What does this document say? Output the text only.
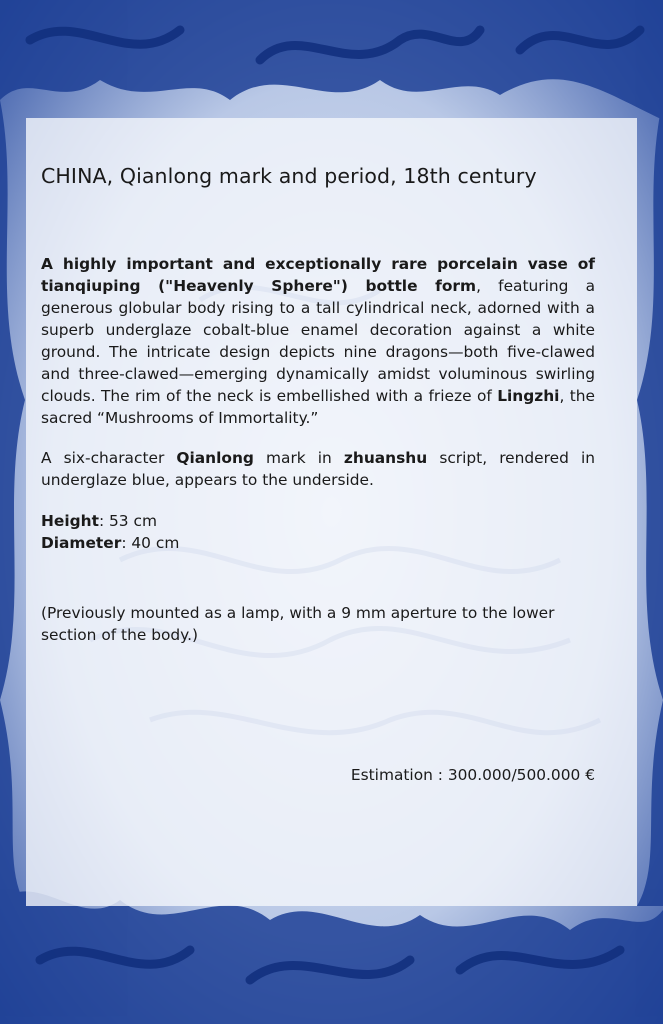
CHINA, Qianlong mark and period, 18th century

A highly important and exceptionally rare porcelain vase of tianqiuping ("Heavenly Sphere") bottle form, featuring a generous globular body rising to a tall cylindrical neck, adorned with a superb underglaze cobalt-blue enamel decoration against a white ground. The intricate design depicts nine dragons—both five-clawed and three-clawed—emerging dynamically amidst voluminous swirling clouds. The rim of the neck is embellished with a frieze of Lingzhi, the sacred “Mushrooms of Immortality.”

A six-character Qianlong mark in zhuanshu script, rendered in underglaze blue, appears to the underside.

Height: 53 cm
Diameter: 40 cm

(Previously mounted as a lamp, with a 9 mm aperture to the lower section of the body.)

Estimation : 300.000/500.000 €
